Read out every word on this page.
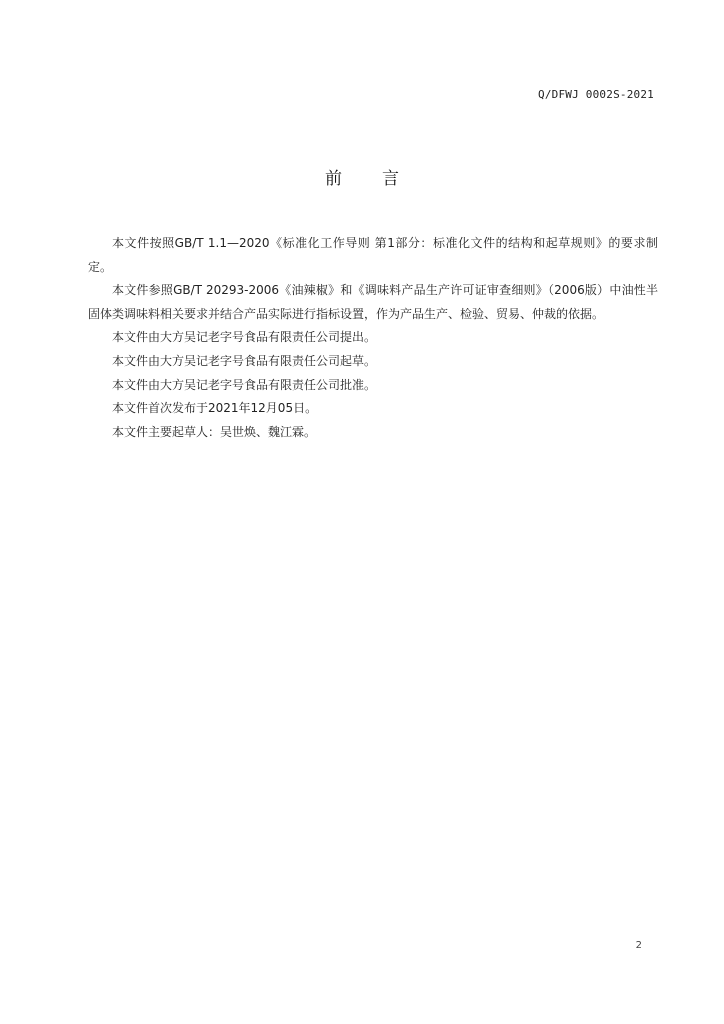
Q/DFWJ 0002S-2021
前 言

本文件按照GB/T 1.1—2020《标准化工作导则 第1部分：标准化文件的结构和起草规则》的要求制定。

本文件参照GB/T 20293-2006《油辣椒》和《调味料产品生产许可证审查细则》（2006版）中油性半固体类调味料相关要求并结合产品实际进行指标设置，作为产品生产、检验、贸易、仲裁的依据。

本文件由大方吴记老字号食品有限责任公司提出。

本文件由大方吴记老字号食品有限责任公司起草。

本文件由大方吴记老字号食品有限责任公司批准。

本文件首次发布于2021年12月05日。

本文件主要起草人：吴世焕、魏江霖。

2
